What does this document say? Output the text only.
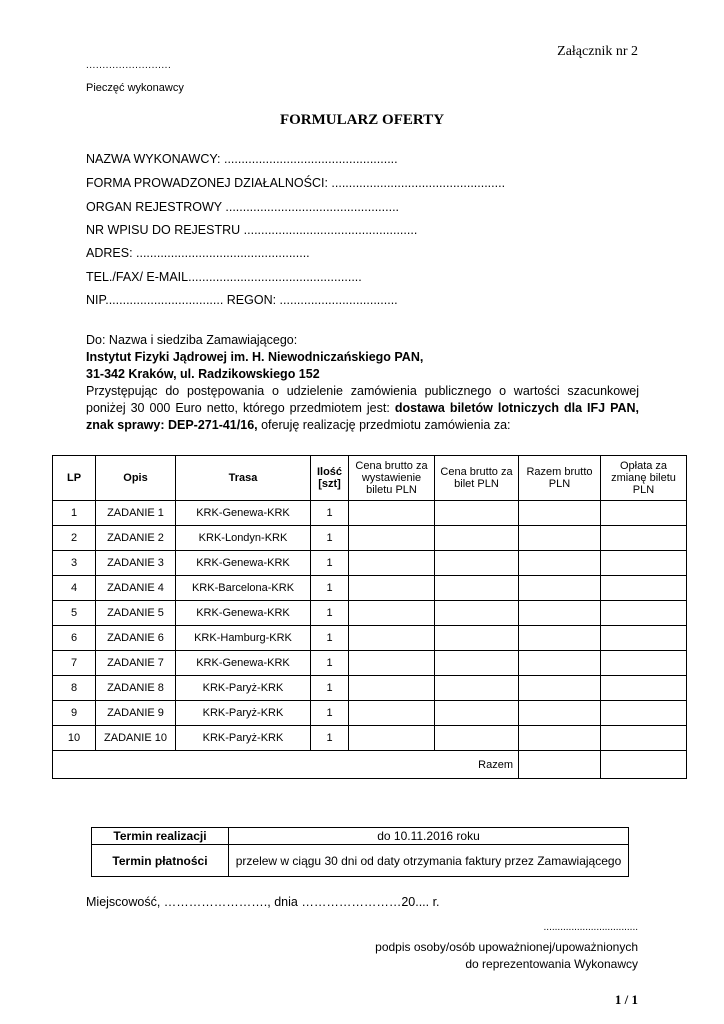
Załącznik nr 2
..........................
Pieczęć wykonawcy
FORMULARZ OFERTY
NAZWA WYKONAWCY: ..................................................
FORMA PROWADZONEJ DZIAŁALNOŚCI: ..................................................
ORGAN REJESTROWY ..................................................
NR WPISU DO REJESTRU ..................................................
ADRES: ..................................................
TEL./FAX/ E-MAIL..................................................
NIP.................................. REGON: ..................................
Do: Nazwa i siedziba Zamawiającego:
Instytut Fizyki Jądrowej im. H. Niewodniczańskiego PAN,
31-342 Kraków, ul. Radzikowskiego 152
Przystępując do postępowania o udzielenie zamówienia publicznego o wartości szacunkowej poniżej 30 000 Euro netto, którego przedmiotem jest: dostawa biletów lotniczych dla IFJ PAN, znak sprawy: DEP-271-41/16, oferuję realizację przedmiotu zamówienia za:
LP	Opis	Trasa	Ilość [szt]	Cena brutto za wystawienie biletu PLN	Cena brutto za bilet PLN	Razem brutto PLN	Opłata za zmianę biletu PLN
1	ZADANIE 1	KRK-Genewa-KRK	1				
2	ZADANIE 2	KRK-Londyn-KRK	1				
3	ZADANIE 3	KRK-Genewa-KRK	1				
4	ZADANIE 4	KRK-Barcelona-KRK	1				
5	ZADANIE 5	KRK-Genewa-KRK	1				
6	ZADANIE 6	KRK-Hamburg-KRK	1				
7	ZADANIE 7	KRK-Genewa-KRK	1				
8	ZADANIE 8	KRK-Paryż-KRK	1				
9	ZADANIE 9	KRK-Paryż-KRK	1				
10	ZADANIE 10	KRK-Paryż-KRK	1				
Razem							
Termin realizacji	do 10.11.2016 roku
Termin płatności	przelew w ciągu 30 dni od daty otrzymania faktury przez Zamawiającego
Miejscowość, ……………………., dnia ……………………20.... r.
..................................
podpis osoby/osób upoważnionej/upoważnionych
do reprezentowania Wykonawcy
1 / 1
